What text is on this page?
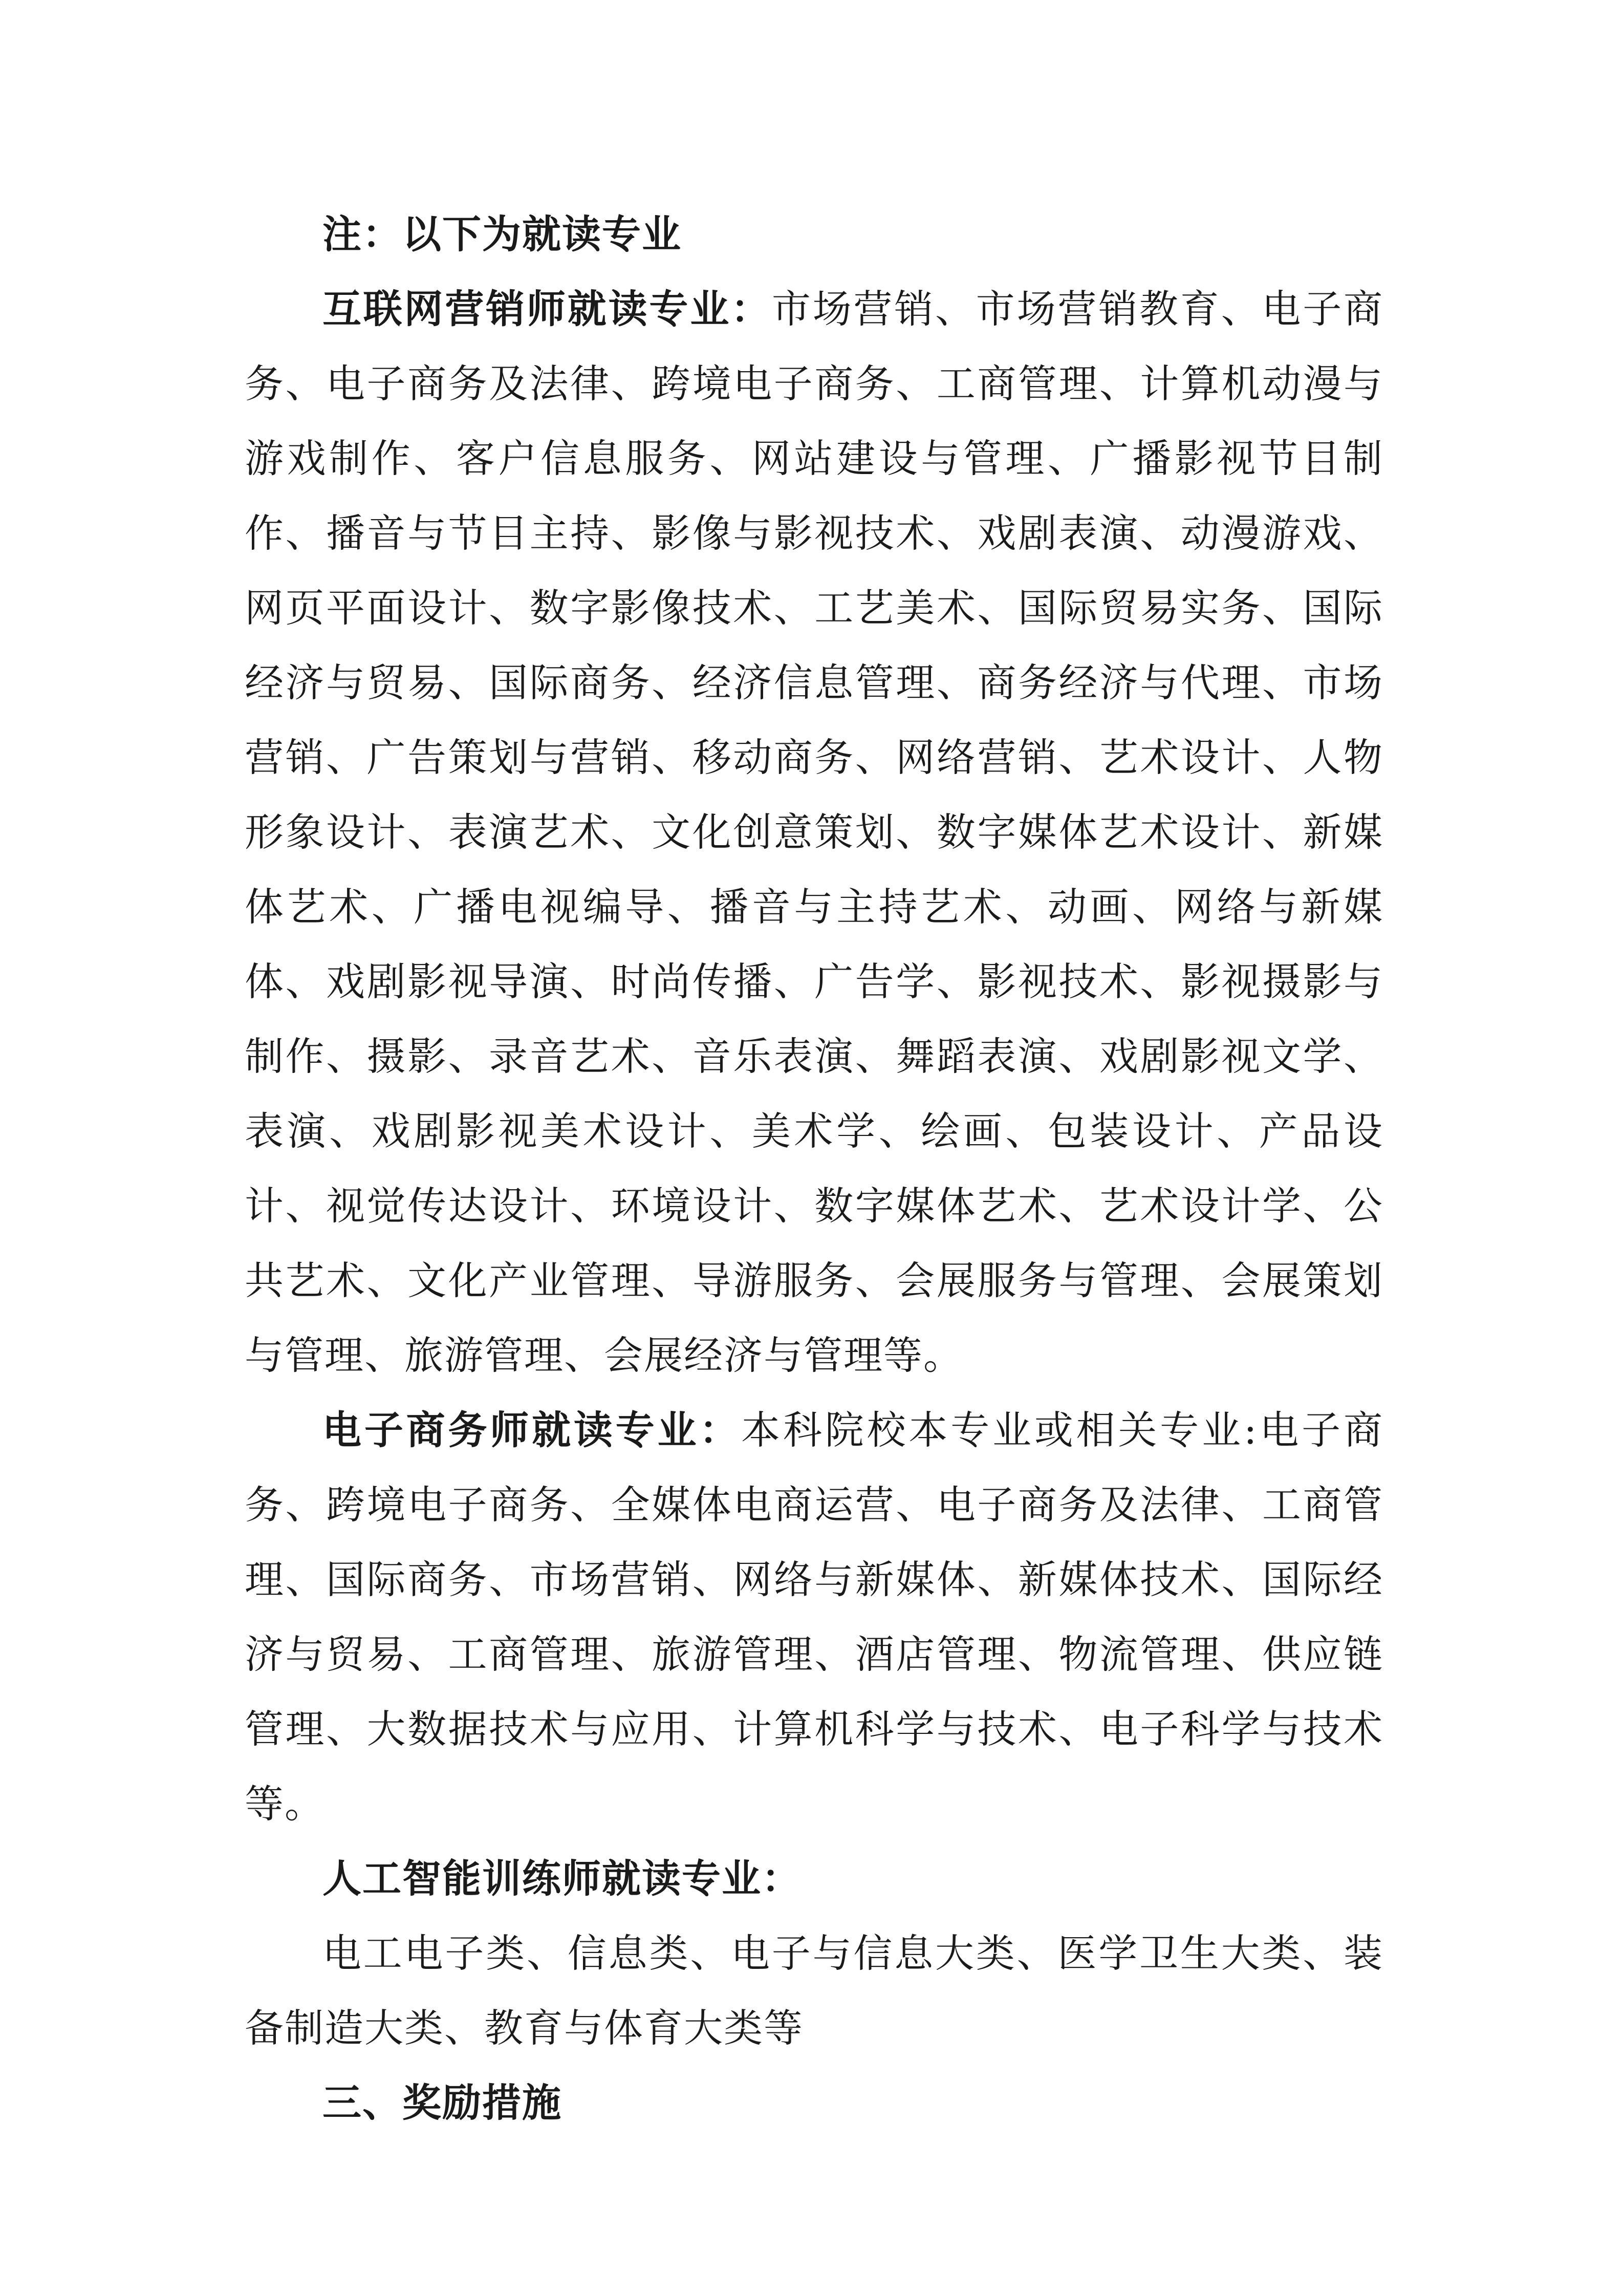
注：以下为就读专业

互联网营销师就读专业：市场营销、市场营销教育、电子商务、电子商务及法律、跨境电子商务、工商管理、计算机动漫与游戏制作、客户信息服务、网站建设与管理、广播影视节目制作、播音与节目主持、影像与影视技术、戏剧表演、动漫游戏、网页平面设计、数字影像技术、工艺美术、国际贸易实务、国际经济与贸易、国际商务、经济信息管理、商务经济与代理、市场营销、广告策划与营销、移动商务、网络营销、艺术设计、人物形象设计、表演艺术、文化创意策划、数字媒体艺术设计、新媒体艺术、广播电视编导、播音与主持艺术、动画、网络与新媒体、戏剧影视导演、时尚传播、广告学、影视技术、影视摄影与制作、摄影、录音艺术、音乐表演、舞蹈表演、戏剧影视文学、表演、戏剧影视美术设计、美术学、绘画、包装设计、产品设计、视觉传达设计、环境设计、数字媒体艺术、艺术设计学、公共艺术、文化产业管理、导游服务、会展服务与管理、会展策划与管理、旅游管理、会展经济与管理等。

电子商务师就读专业：本科院校本专业或相关专业:电子商务、跨境电子商务、全媒体电商运营、电子商务及法律、工商管理、国际商务、市场营销、网络与新媒体、新媒体技术、国际经济与贸易、工商管理、旅游管理、酒店管理、物流管理、供应链管理、大数据技术与应用、计算机科学与技术、电子科学与技术等。

人工智能训练师就读专业：

电工电子类、信息类、电子与信息大类、医学卫生大类、装备制造大类、教育与体育大类等

三、奖励措施
